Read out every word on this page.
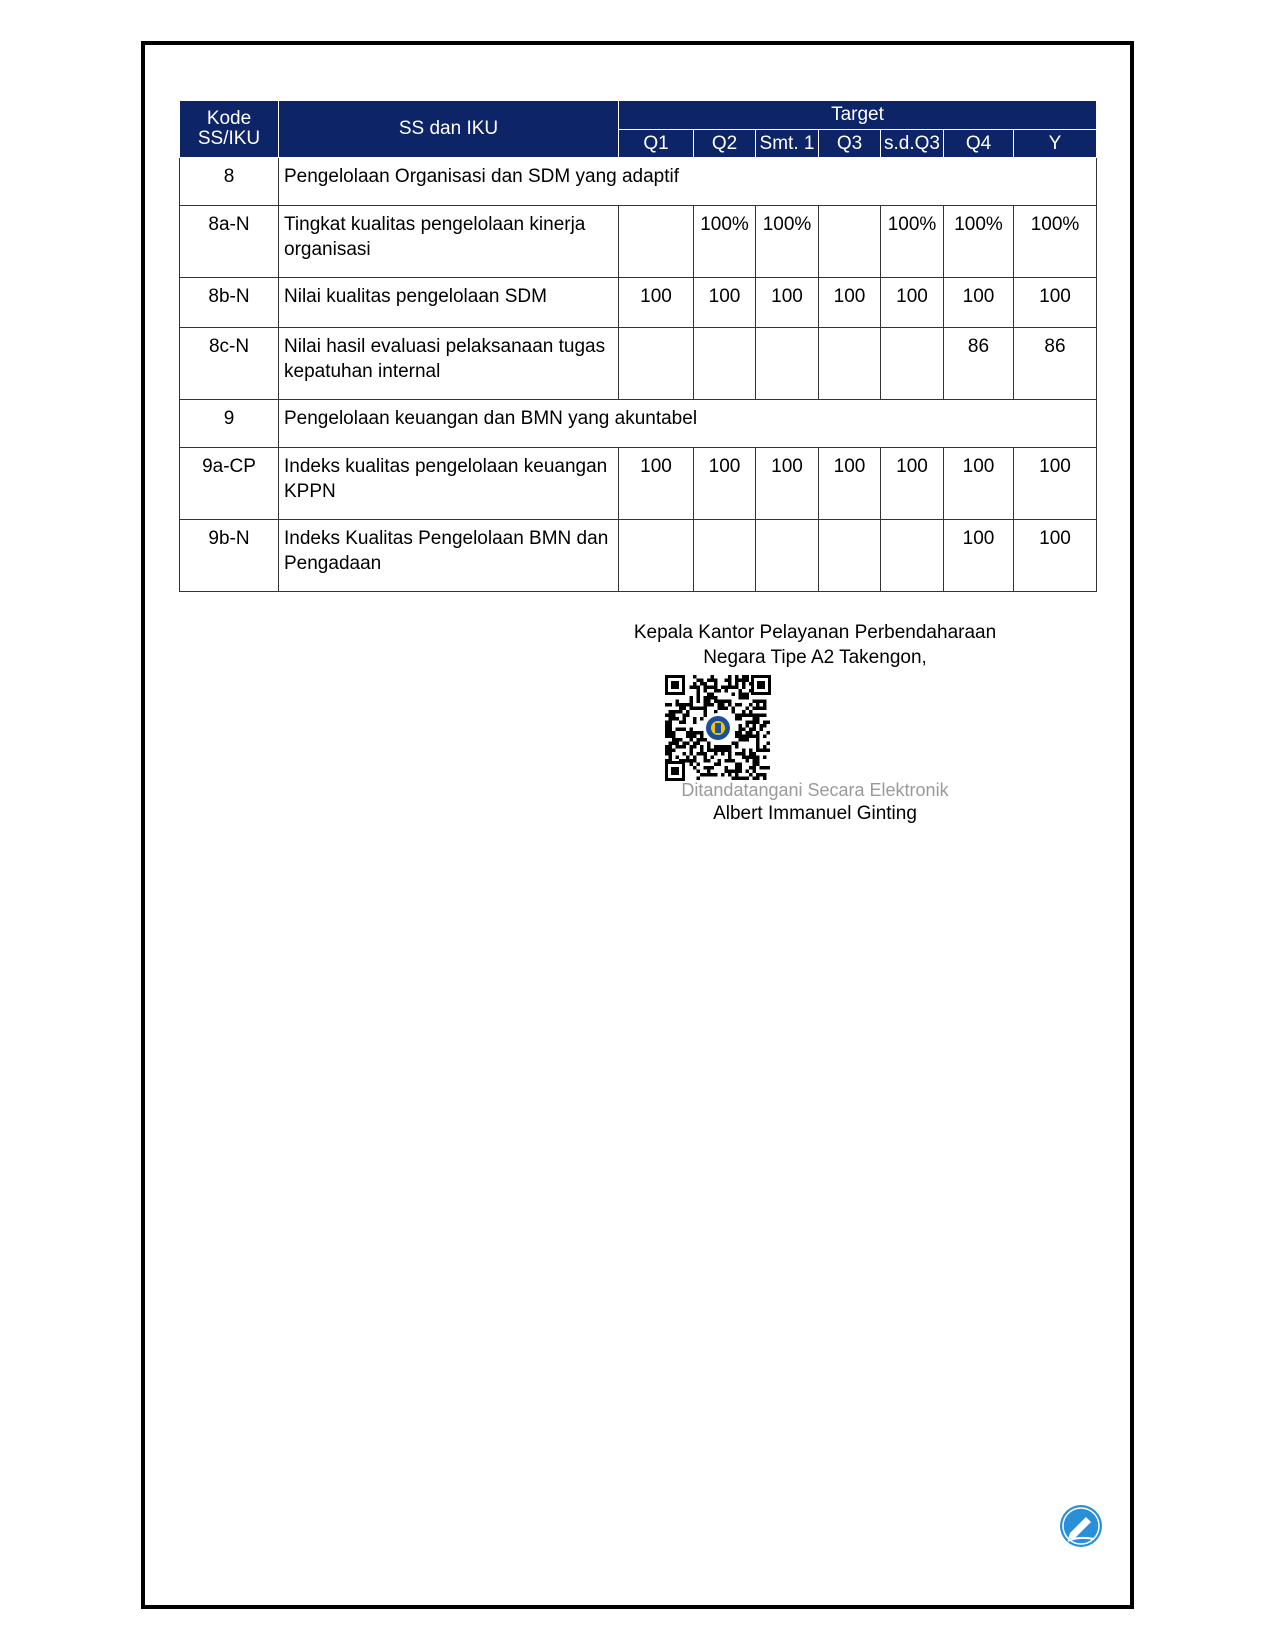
Kode
SS/IKU	SS dan IKU	Target						
		Q1	Q2	Smt. 1	Q3	s.d.Q3	Q4	Y
8	Pengelolaan Organisasi dan SDM yang adaptif							
8a-N	Tingkat kualitas pengelolaan kinerja organisasi		100%	100%		100%	100%	100%
8b-N	Nilai kualitas pengelolaan SDM	100	100	100	100	100	100	100
8c-N	Nilai hasil evaluasi pelaksanaan tugas kepatuhan internal						86	86
9	Pengelolaan keuangan dan BMN yang akuntabel							
9a-CP	Indeks kualitas pengelolaan keuangan KPPN	100	100	100	100	100	100	100
9b-N	Indeks Kualitas Pengelolaan BMN dan Pengadaan						100	100
Kepala Kantor Pelayanan Perbendaharaan
Negara Tipe A2 Takengon,
Ditandatangani Secara Elektronik
Albert Immanuel Ginting
